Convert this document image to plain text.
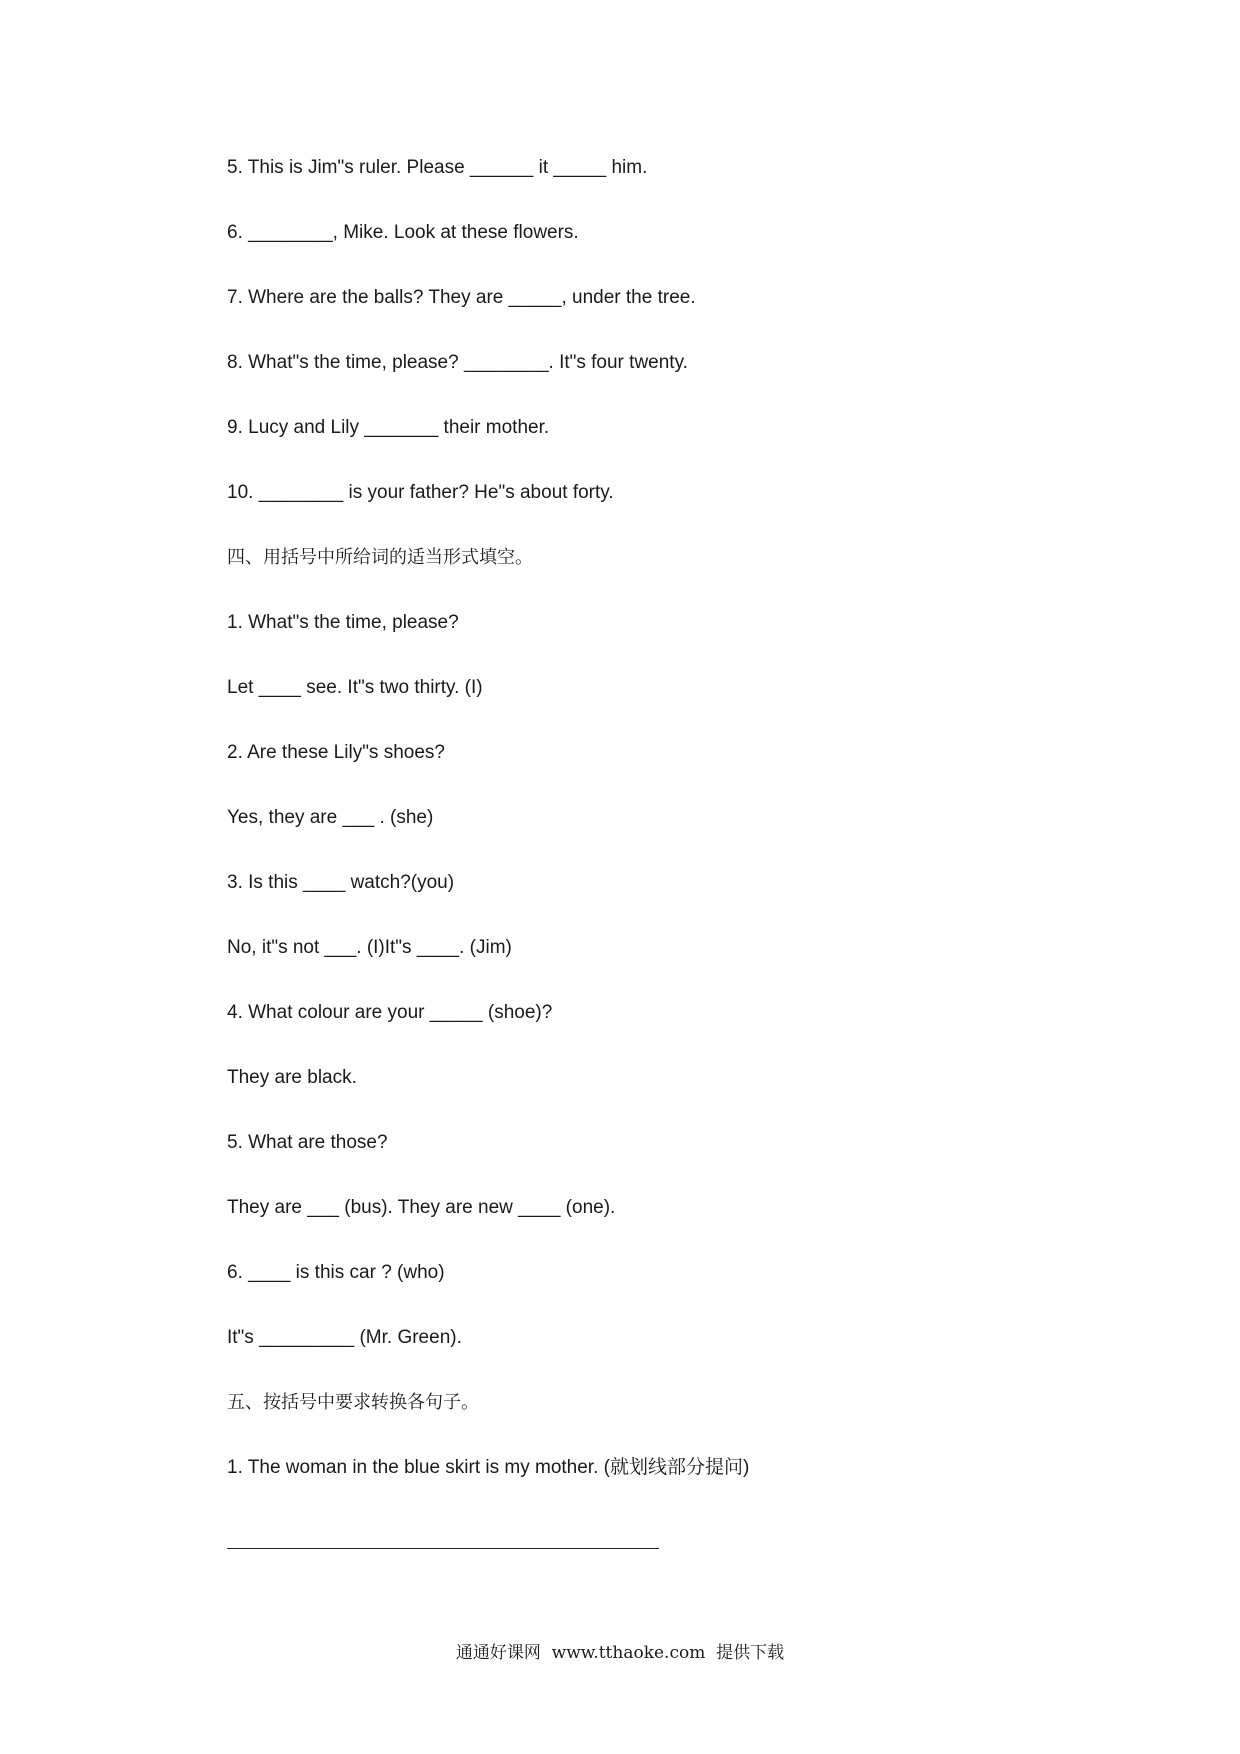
5. This is Jim"s ruler. Please ______ it _____ him.
6. ________, Mike. Look at these flowers.
7. Where are the balls? They are _____, under the tree.
8. What"s the time, please? ________. It"s four twenty.
9. Lucy and Lily _______ their mother.
10. ________ is your father? He"s about forty.
四、用括号中所给词的适当形式填空。
1. What"s the time, please?
Let ____ see. It"s two thirty. (I)
2. Are these Lily"s shoes?
Yes, they are ___ . (she)
3. Is this ____ watch?(you)
No, it"s not ___. (I)It"s ____. (Jim)
4. What colour are your _____ (shoe)?
They are black.
5. What are those?
They are ___ (bus). They are new ____ (one).
6. ____ is this car ? (who)
It"s _________ (Mr. Green).
五、按括号中要求转换各句子。
1. The woman in the blue skirt is my mother. (就划线部分提问)
通通好课网  www.tthaoke.com  提供下载
